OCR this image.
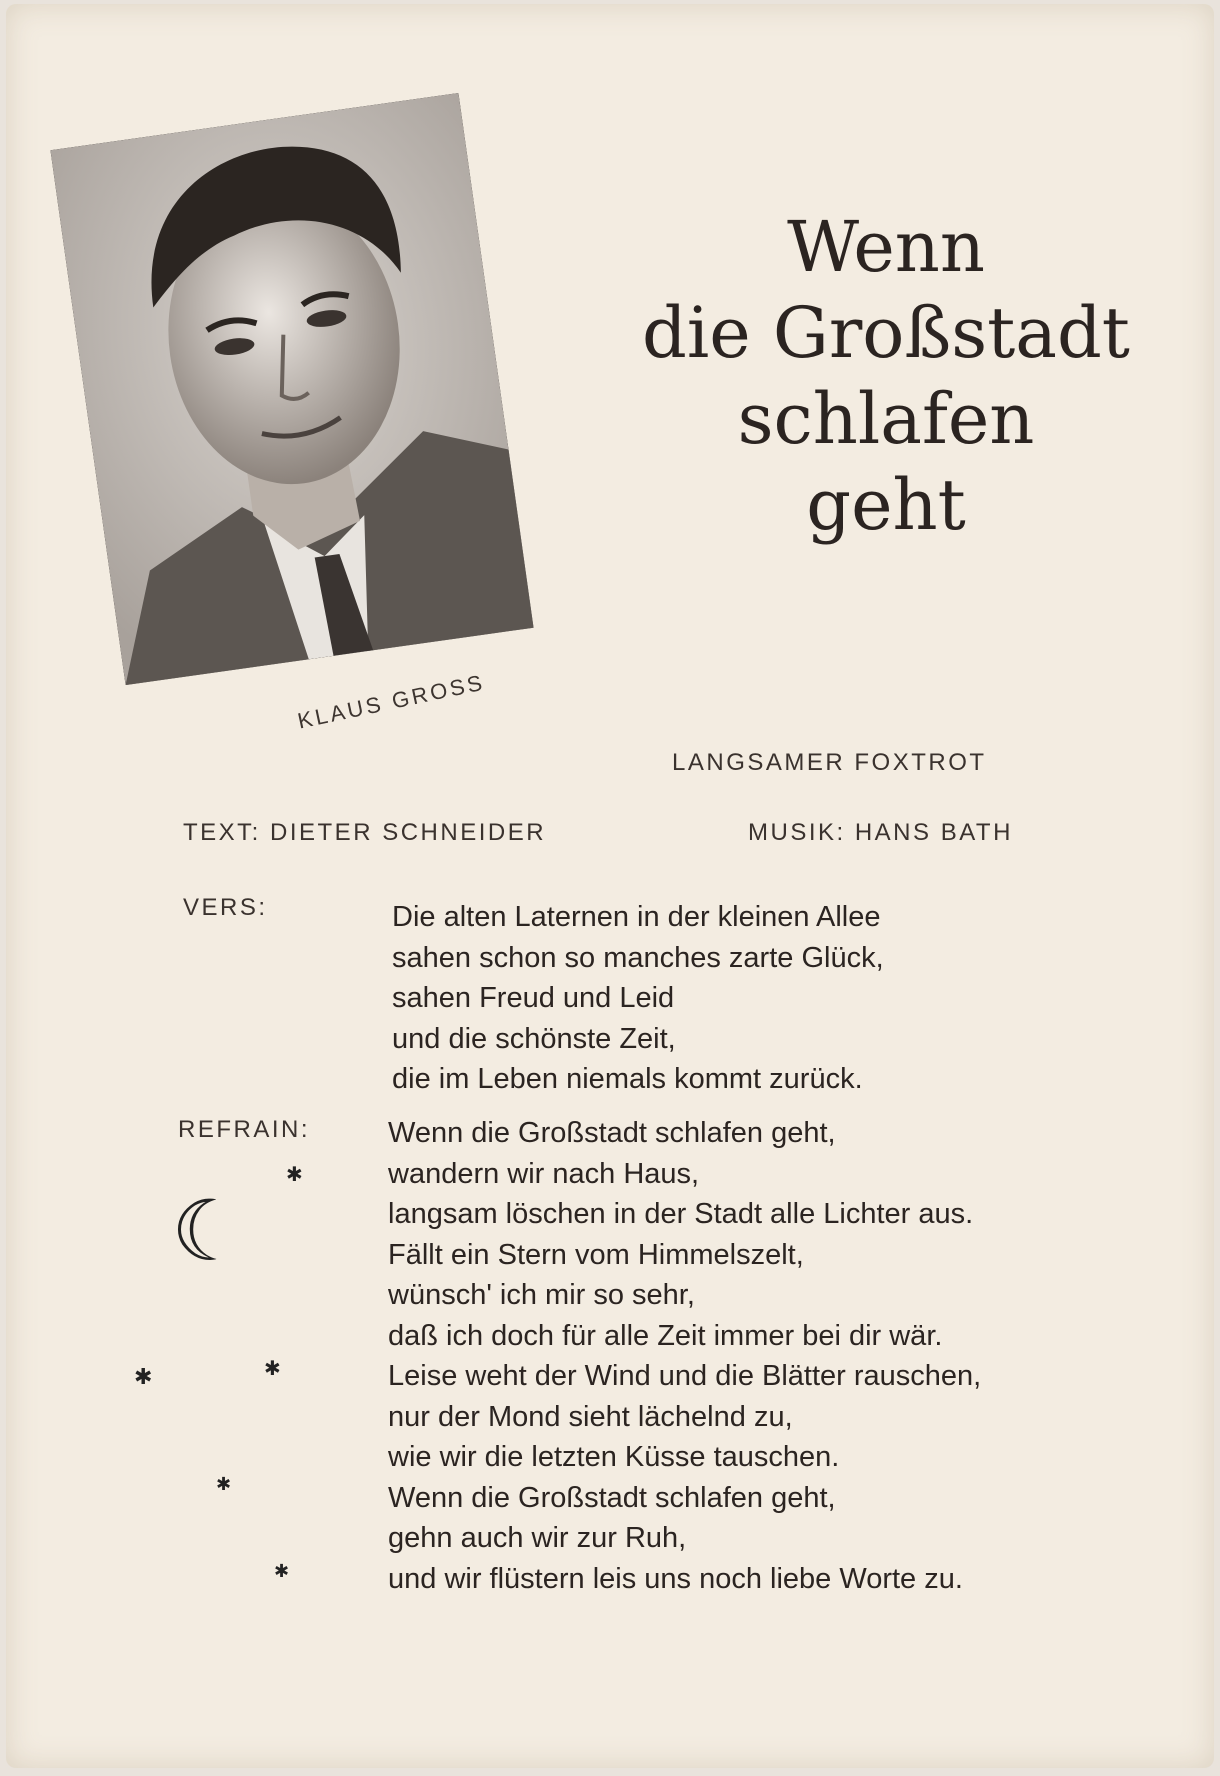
KLAUS GROSS
Wenn
die Großstadt
schlafen
geht
LANGSAMER FOXTROT
TEXT: DIETER SCHNEIDER	MUSIK: HANS BATH
VERS:	Die alten Laternen in der kleinen Allee
sahen schon so manches zarte Glück,
sahen Freud und Leid
und die schönste Zeit,
die im Leben niemals kommt zurück.
REFRAIN:	Wenn die Großstadt schlafen geht,
wandern wir nach Haus,
langsam löschen in der Stadt alle Lichter aus.
Fällt ein Stern vom Himmelszelt,
wünsch' ich mir so sehr,
daß ich doch für alle Zeit immer bei dir wär.
Leise weht der Wind und die Blätter rauschen,
nur der Mond sieht lächelnd zu,
wie wir die letzten Küsse tauschen.
Wenn die Großstadt schlafen geht,
gehn auch wir zur Ruh,
und wir flüstern leis uns noch liebe Worte zu.
☾
✱
✱	✱
✱
✱
